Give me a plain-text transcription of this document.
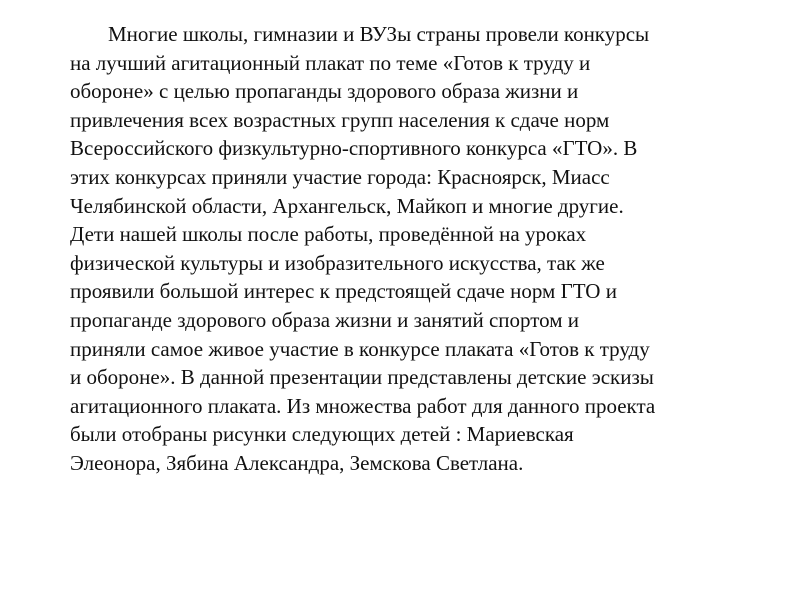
Многие школы, гимназии и ВУЗы страны провели конкурсы
на лучший агитационный плакат по теме «Готов к труду и
обороне» с целью пропаганды здорового образа жизни и
привлечения всех возрастных групп населения к сдаче норм
Всероссийского физкультурно-спортивного конкурса «ГТО». В
этих конкурсах приняли участие города: Красноярск, Миасс
Челябинской области, Архангельск, Майкоп и многие другие.
Дети нашей школы после работы, проведённой на уроках
физической культуры и изобразительного искусства, так же
проявили большой интерес к предстоящей сдаче норм ГТО и
пропаганде здорового образа жизни и занятий спортом и
приняли самое живое участие в конкурсе плаката «Готов к труду
и обороне». В данной презентации представлены детские эскизы
агитационного плаката. Из множества работ для данного проекта
были отобраны рисунки следующих детей : Мариевская
Элеонора, Зябина Александра, Земскова Светлана.
